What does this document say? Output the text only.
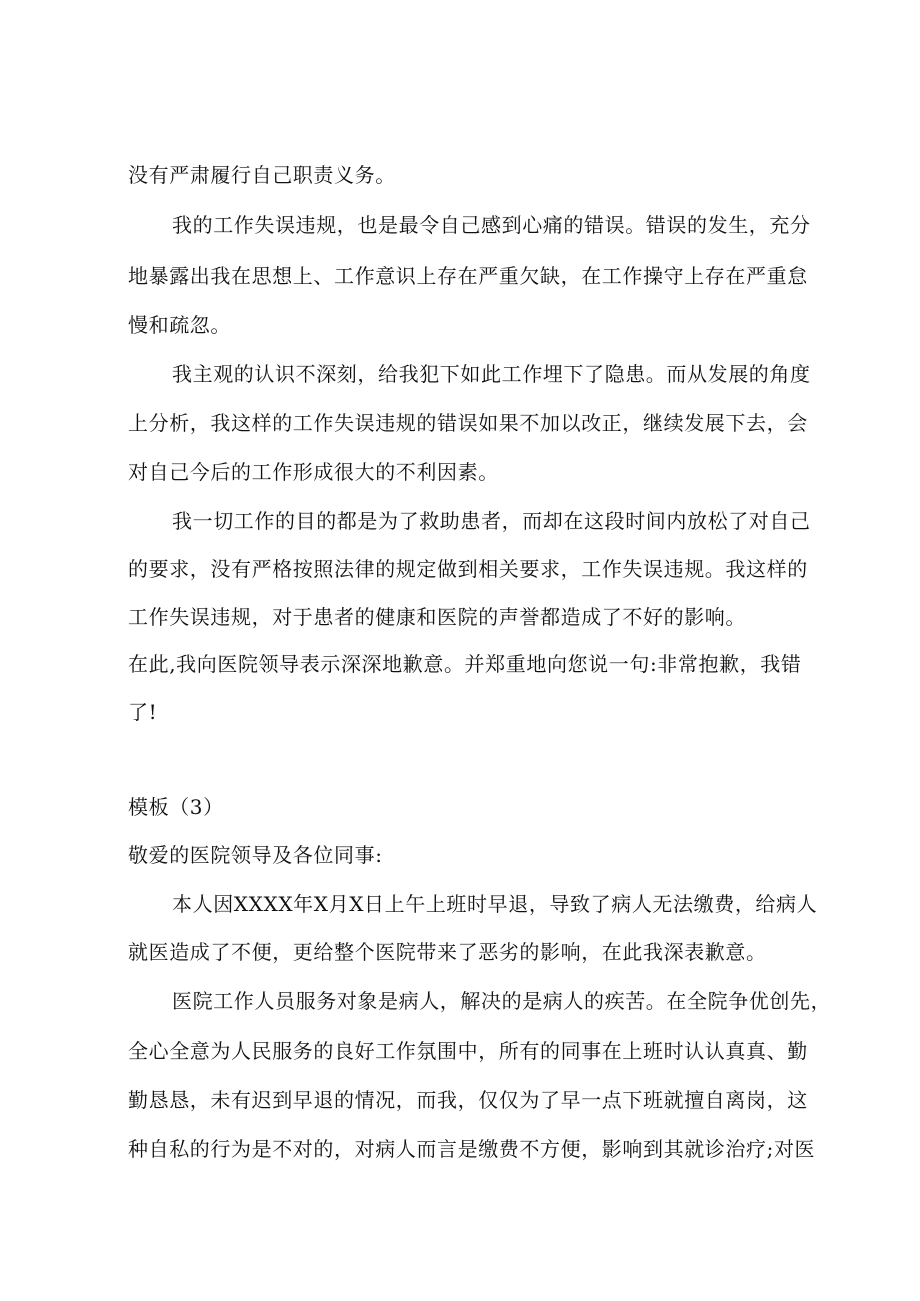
没有严肃履行自己职责义务。
我的工作失误违规，也是最令自己感到心痛的错误。错误的发生，充分
地暴露出我在思想上、工作意识上存在严重欠缺，在工作操守上存在严重怠
慢和疏忽。
我主观的认识不深刻，给我犯下如此工作埋下了隐患。而从发展的角度
上分析，我这样的工作失误违规的错误如果不加以改正，继续发展下去，会
对自己今后的工作形成很大的不利因素。
我一切工作的目的都是为了救助患者，而却在这段时间内放松了对自己
的要求，没有严格按照法律的规定做到相关要求，工作失误违规。我这样的
工作失误违规，对于患者的健康和医院的声誉都造成了不好的影响。
在此,我向医院领导表示深深地歉意。并郑重地向您说一句:非常抱歉，我错
了!
模板（3）
敬爱的医院领导及各位同事:
本人因XXXX年X月X日上午上班时早退，导致了病人无法缴费，给病人
就医造成了不便，更给整个医院带来了恶劣的影响，在此我深表歉意。
医院工作人员服务对象是病人，解决的是病人的疾苦。在全院争优创先，
全心全意为人民服务的良好工作氛围中，所有的同事在上班时认认真真、勤
勤恳恳，未有迟到早退的情况，而我，仅仅为了早一点下班就擅自离岗，这
种自私的行为是不对的，对病人而言是缴费不方便，影响到其就诊治疗;对医
